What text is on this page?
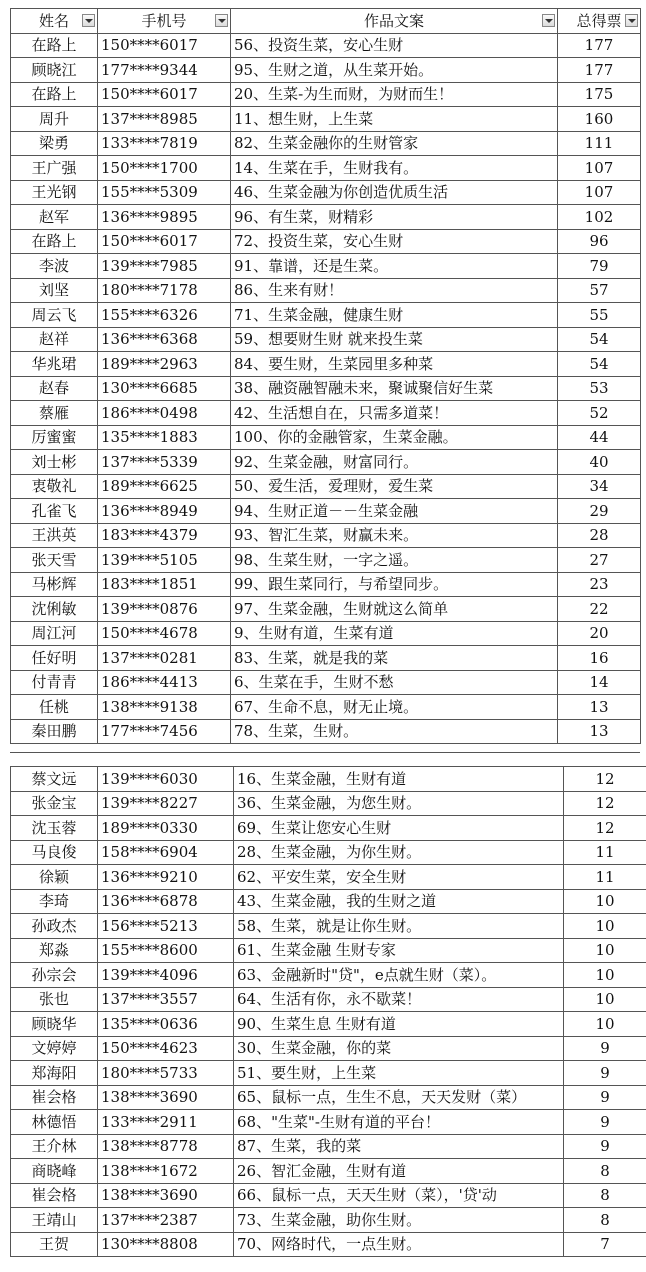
姓名	手机号	作品文案	总得票

在路上	150****6017	56、投资生菜，安心生财	177
顾晓江	177****9344	95、生财之道，从生菜开始。	177
在路上	150****6017	20、生菜-为生而财，为财而生！	175
周升	137****8985	11、想生财，上生菜	160
梁勇	133****7819	82、生菜金融你的生财管家	111
王广强	150****1700	14、生菜在手，生财我有。	107
王光钢	155****5309	46、生菜金融为你创造优质生活	107
赵军	136****9895	96、有生菜，财精彩	102
在路上	150****6017	72、投资生菜，安心生财	96
李波	139****7985	91、靠谱，还是生菜。	79
刘坚	180****7178	86、生来有财！	57
周云飞	155****6326	71、生菜金融，健康生财	55
赵祥	136****6368	59、想要财生财 就来投生菜	54
华兆珺	189****2963	84、要生财，生菜园里多种菜	54
赵春	130****6685	38、融资融智融未来，聚诚聚信好生菜	53
蔡雁	186****0498	42、生活想自在，只需多道菜！	52
厉蜜蜜	135****1883	100、你的金融管家，生菜金融。	44
刘士彬	137****5339	92、生菜金融，财富同行。	40
衷敬礼	189****6625	50、爱生活，爱理财，爱生菜	34
孔雀飞	136****8949	94、生财正道－－生菜金融	29
王洪英	183****4379	93、智汇生菜，财赢未来。	28
张天雪	139****5105	98、生菜生财，一字之遥。	27
马彬辉	183****1851	99、跟生菜同行，与希望同步。	23
沈俐敏	139****0876	97、生菜金融，生财就这么简单	22
周江河	150****4678	9、生财有道，生菜有道	20
任好明	137****0281	83、生菜，就是我的菜	16
付青青	186****4413	6、生菜在手，生财不愁	14
任桃	138****9138	67、生命不息，财无止境。	13
秦田鹏	177****7456	78、生菜，生财。	13
蔡文远	139****6030	16、生菜金融，生财有道	12
张金宝	139****8227	36、生菜金融，为您生财。	12
沈玉蓉	189****0330	69、生菜让您安心生财	12
马良俊	158****6904	28、生菜金融，为你生财。	11
徐颖	136****9210	62、平安生菜，安全生财	11
李琦	136****6878	43、生菜金融，我的生财之道	10
孙政杰	156****5213	58、生菜，就是让你生财。	10
郑淼	155****8600	61、生菜金融 生财专家	10
孙宗会	139****4096	63、金融新时"贷"，e点就生财（菜）。	10
张也	137****3557	64、生活有你，永不歇菜！	10
顾晓华	135****0636	90、生菜生息 生财有道	10
文婷婷	150****4623	30、生菜金融，你的菜	9
郑海阳	180****5733	51、要生财，上生菜	9
崔会格	138****3690	65、鼠标一点，生生不息，天天发财（菜）	9
林德悟	133****2911	68、"生菜"-生财有道的平台！	9
王介林	138****8778	87、生菜，我的菜	9
商晓峰	138****1672	26、智汇金融，生财有道	8
崔会格	138****3690	66、鼠标一点，天天生财（菜），'贷'动	8
王靖山	137****2387	73、生菜金融，助你生财。	8
王贺	130****8808	70、网络时代，一点生财。	7
